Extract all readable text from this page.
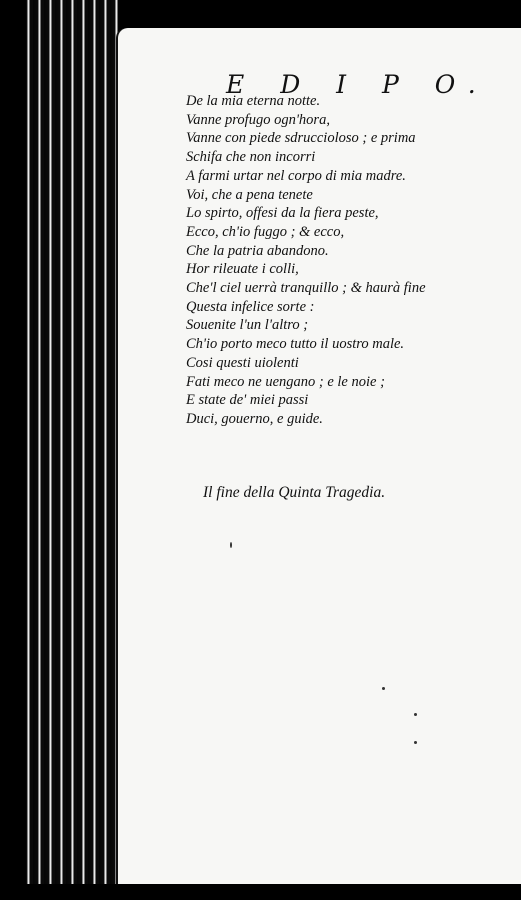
E D I P O.
De la mia eterna notte.
Vanne profugo ogn'hora,
Vanne con piede sdruccioloso ; e prima
Schifa che non incorri
A farmi urtar nel corpo di mia madre.
Voi, che a pena tenete
Lo spirto, offesi da la fiera peste,
Ecco, ch'io fuggo ; & ecco,
Che la patria abandono.
Hor rileuate i colli,
Che'l ciel uerrà tranquillo ; & haurà fine
Questa infelice sorte :
Souenite l'un l'altro ;
Ch'io porto meco tutto il uostro male.
Cosi questi uiolenti
Fati meco ne uengano ; e le noie ;
E state de' miei passi
Duci, gouerno, e guide.
Il fine della Quinta Tragedia.
